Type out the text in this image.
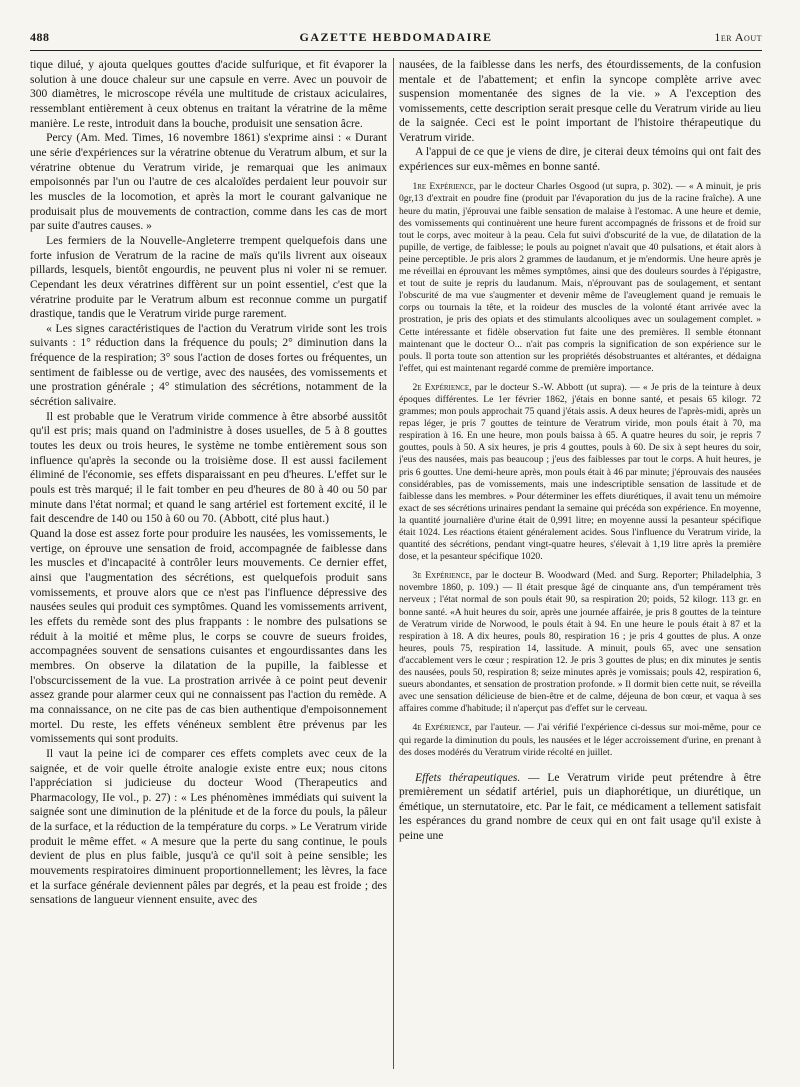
488	GAZETTE HEBDOMADAIRE	1er Aout

tique dilué, y ajouta quelques gouttes d'acide sulfurique, et fit évaporer la solution à une douce chaleur sur une capsule en verre. Avec un pouvoir de 300 diamètres, le microscope révéla une multitude de cristaux aciculaires, ressemblant entièrement à ceux obtenus en traitant la vératrine de la même manière. Le reste, introduit dans la bouche, produisit une sensation âcre.

Percy (Am. Med. Times, 16 novembre 1861) s'exprime ainsi : « Durant une série d'expériences sur la vératrine obtenue du Veratrum album, et sur la vératrine obtenue du Veratrum viride, je remarquai que les animaux empoisonnés par l'un ou l'autre de ces alcaloïdes perdaient leur pouvoir sur les muscles de la locomotion, et après la mort le courant galvanique ne produisait plus de mouvements de contraction, comme dans les cas de mort par suite d'autres causes. »

Les fermiers de la Nouvelle-Angleterre trempent quelquefois dans une forte infusion de Veratrum de la racine de maïs qu'ils livrent aux oiseaux pillards, lesquels, bientôt engourdis, ne peuvent plus ni voler ni se remuer. Cependant les deux vératrines diffèrent sur un point essentiel, c'est que la vératrine produite par le Veratrum album est reconnue comme un purgatif drastique, tandis que le Veratrum viride purge rarement.

« Les signes caractéristiques de l'action du Veratrum viride sont les trois suivants : 1° réduction dans la fréquence du pouls; 2° diminution dans la fréquence de la respiration; 3° sous l'action de doses fortes ou fréquentes, un sentiment de faiblesse ou de vertige, avec des nausées, des vomissements et une prostration générale ; 4° stimulation des sécrétions, notamment de la sécrétion salivaire.

Il est probable que le Veratrum viride commence à être absorbé aussitôt qu'il est pris; mais quand on l'administre à doses usuelles, de 5 à 8 gouttes toutes les deux ou trois heures, le système ne tombe entièrement sous son influence qu'après la seconde ou la troisième dose. Il est aussi facilement éliminé de l'économie, ses effets disparaissant en peu d'heures. L'effet sur le pouls est très marqué; il le fait tomber en peu d'heures de 80 à 40 ou 50 par minute dans l'état normal; et quand le sang artériel est fortement excité, il le fait descendre de 140 ou 150 à 60 ou 70. (Abbott, cité plus haut.)

Quand la dose est assez forte pour produire les nausées, les vomissements, le vertige, on éprouve une sensation de froid, accompagnée de faiblesse dans les muscles et d'incapacité à contrôler leurs mouvements. Ce dernier effet, ainsi que l'augmentation des sécrétions, est quelquefois produit sans vomissements, et prouve alors que ce n'est pas l'influence dépressive des nausées seules qui produit ces symptômes. Quand les vomissements arrivent, les effets du remède sont des plus frappants : le nombre des pulsations se réduit à la moitié et même plus, le corps se couvre de sueurs froides, accompagnées souvent de sensations cuisantes et engourdissantes dans les membres. On observe la dilatation de la pupille, la faiblesse et l'obscurcissement de la vue. La prostration arrivée à ce point peut devenir assez grande pour alarmer ceux qui ne connaissent pas l'action du remède. A ma connaissance, on ne cite pas de cas bien authentique d'empoisonnement mortel. Du reste, les effets vénéneux semblent être prévenus par les vomissements qui sont produits.

Il vaut la peine ici de comparer ces effets complets avec ceux de la saignée, et de voir quelle étroite analogie existe entre eux; nous citons l'appréciation si judicieuse du docteur Wood (Therapeutics and Pharmacology, IIe vol., p. 27) : « Les phénomènes immédiats qui suivent la saignée sont une diminution de la plénitude et de la force du pouls, la pâleur de la surface, et la réduction de la température du corps. » Le Veratrum viride produit le même effet. « A mesure que la perte du sang continue, le pouls devient de plus en plus faible, jusqu'à ce qu'il soit à peine sensible; les mouvements respiratoires diminuent proportionnellement; les lèvres, la face et la surface générale deviennent pâles par degrés, et la peau est froide ; des sensations de langueur viennent ensuite, avec des

nausées, de la faiblesse dans les nerfs, des étourdissements, de la confusion mentale et de l'abattement; et enfin la syncope complète arrive avec suspension momentanée des signes de la vie. » A l'exception des vomissements, cette description serait presque celle du Veratrum viride au lieu de la saignée. Ceci est le point important de l'histoire thérapeutique du Veratrum viride.

A l'appui de ce que je viens de dire, je citerai deux témoins qui ont fait des expériences sur eux-mêmes en bonne santé.

1re Expérience, par le docteur Charles Osgood (ut supra, p. 302). — « A minuit, je pris 0gr,13 d'extrait en poudre fine (produit par l'évaporation du jus de la racine fraîche). A une heure du matin, j'éprouvai une faible sensation de malaise à l'estomac. A une heure et demie, des vomissements qui continuèrent une heure furent accompagnés de frissons et de froid sur tout le corps, avec moiteur à la peau. Cela fut suivi d'obscurité de la vue, de dilatation de la pupille, de vertige, de faiblesse; le pouls au poignet n'avait que 40 pulsations, et était alors à peine perceptible. Je pris alors 2 grammes de laudanum, et je m'endormis. Une heure après je me réveillai en éprouvant les mêmes symptômes, ainsi que des douleurs sourdes à l'épigastre, et tout de suite je repris du laudanum. Mais, n'éprouvant pas de soulagement, et sentant l'obscurité de ma vue s'augmenter et devenir même de l'aveuglement quand je remuais le corps ou tournais la tête, et la roideur des muscles de la volonté étant arrivée avec la prostration, je pris des opiats et des stimulants alcooliques avec un soulagement complet. » Cette intéressante et fidèle observation fut faite une des premières. Il semble étonnant maintenant que le docteur O... n'ait pas compris la signification de son expérience sur le pouls. Il porta toute son attention sur les propriétés désobstruantes et altérantes, et dédaigna l'effet, qui est maintenant regardé comme de première importance.

2e Expérience, par le docteur S.-W. Abbott (ut supra). — « Je pris de la teinture à deux époques différentes. Le 1er février 1862, j'étais en bonne santé, et pesais 65 kilogr. 72 grammes; mon pouls approchait 75 quand j'étais assis. A deux heures de l'après-midi, après un repas léger, je pris 7 gouttes de teinture de Veratrum viride, mon pouls était à 70, ma respiration à 16. En une heure, mon pouls baissa à 65. A quatre heures du soir, je repris 7 gouttes, pouls à 50. A six heures, je pris 4 gouttes, pouls à 60. De six à sept heures du soir, j'eus des nausées, mais pas beaucoup ; j'eus des faiblesses par tout le corps. A huit heures, je pris 6 gouttes. Une demi-heure après, mon pouls était à 46 par minute; j'éprouvais des nausées considérables, pas de vomissements, mais une indescriptible sensation de lassitude et de faiblesse dans les membres. » Pour déterminer les effets diurétiques, il avait tenu un mémoire exact de ses sécrétions urinaires pendant la semaine qui précéda son expérience. En moyenne, la quantité journalière d'urine était de 0,991 litre; en moyenne aussi la pesanteur spécifique était 1024. Les réactions étaient généralement acides. Sous l'influence du Veratrum viride, la quantité des sécrétions, pendant vingt-quatre heures, s'élevait à 1,19 litre après la première dose, et la pesanteur spécifique 1020.

3e Expérience, par le docteur B. Woodward (Med. and Surg. Reporter; Philadelphia, 3 novembre 1860, p. 109.) — Il était presque âgé de cinquante ans, d'un tempérament très nerveux ; l'état normal de son pouls était 90, sa respiration 20; poids, 52 kilogr. 113 gr. en bonne santé. «A huit heures du soir, après une journée affairée, je pris 8 gouttes de la teinture de Veratrum viride de Norwood, le pouls était à 94. En une heure le pouls était à 87 et la respiration à 18. A dix heures, pouls 80, respiration 16 ; je pris 4 gouttes de plus. A onze heures, pouls 75, respiration 14, lassitude. A minuit, pouls 65, avec une sensation d'accablement vers le cœur ; respiration 12. Je pris 3 gouttes de plus; en dix minutes je sentis des nausées, pouls 50, respiration 8; seize minutes après je vomissais; pouls 42, respiration 6, sueurs abondantes, et sensation de prostration profonde. » Il dormit bien cette nuit, se réveilla avec une sensation délicieuse de bien-être et de calme, déjeuna de bon cœur, et vaqua à ses affaires comme d'habitude; il n'aperçut pas d'effet sur le cerveau.

4e Expérience, par l'auteur. — J'ai vérifié l'expérience ci-dessus sur moi-même, pour ce qui regarde la diminution du pouls, les nausées et le léger accroissement d'urine, en prenant à des doses modérés du Veratrum viride récolté en juillet.

Effets thérapeutiques. — Le Veratrum viride peut prétendre à être premièrement un sédatif artériel, puis un diaphorétique, un diurétique, un émétique, un sternutatoire, etc. Par le fait, ce médicament a tellement satisfait les espérances du grand nombre de ceux qui en ont fait usage qu'il existe à peine une
